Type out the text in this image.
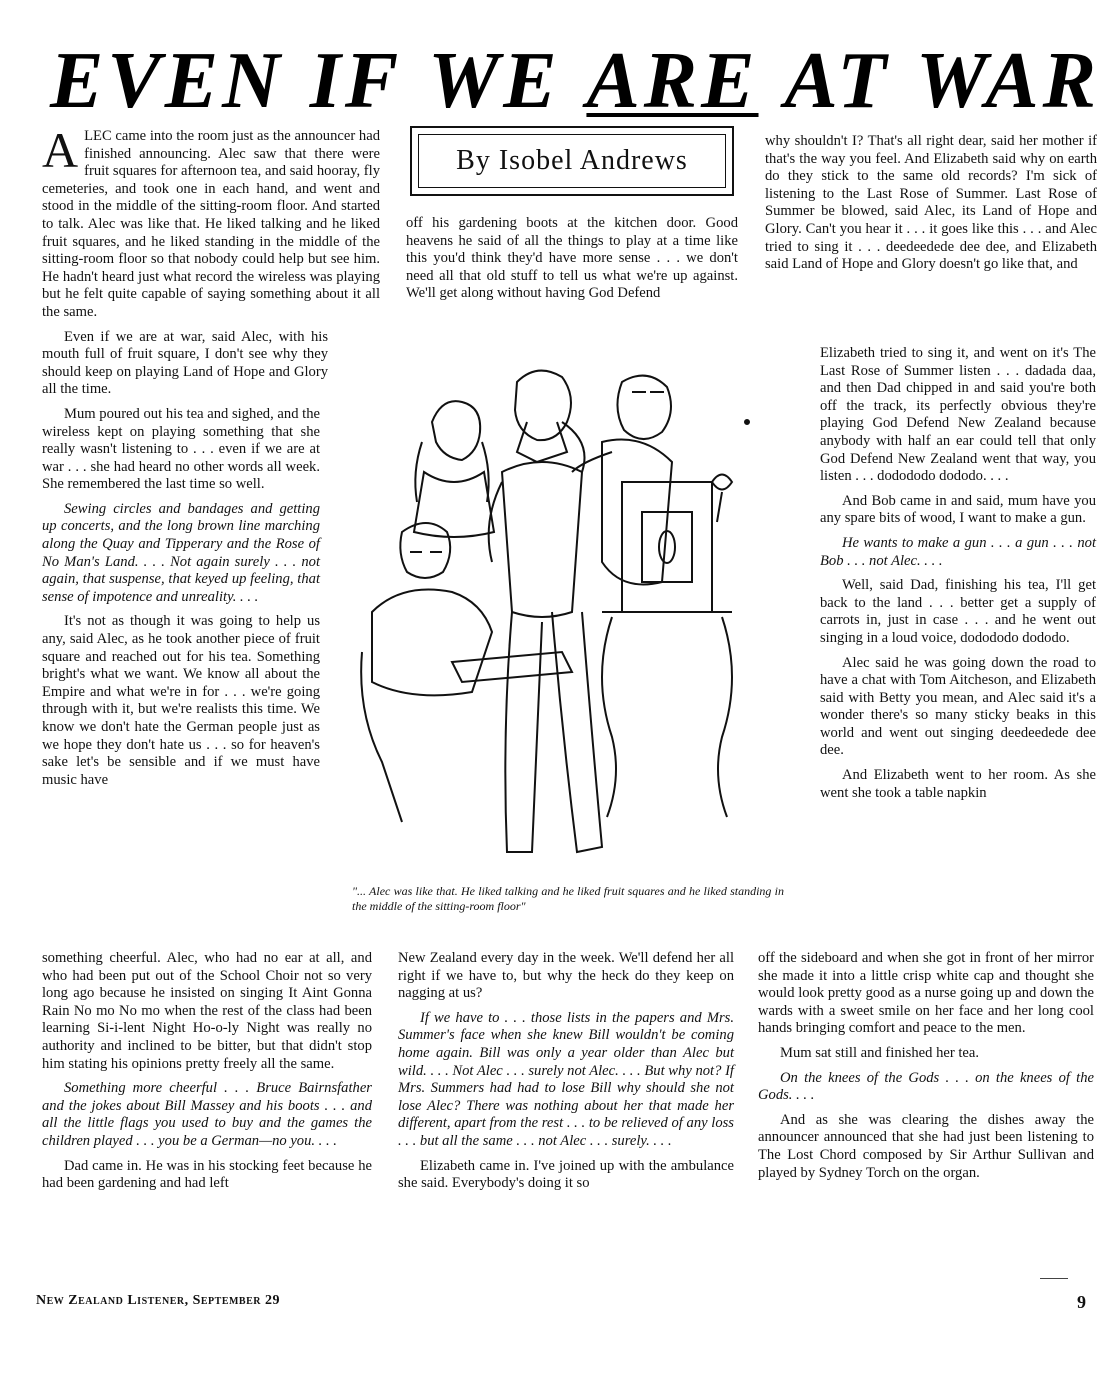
EVEN IF WE ARE AT WAR

ALEC came into the room just as the announcer had finished announcing. Alec saw that there were fruit squares for afternoon tea, and said hooray, fly cemeteries, and took one in each hand, and went and stood in the middle of the sitting-room floor. And started to talk. Alec was like that. He liked talking and he liked fruit squares, and he liked standing in the middle of the sitting-room floor so that nobody could help but see him. He hadn't heard just what record the wireless was playing but he felt quite capable of saying something about it all the same.

Even if we are at war, said Alec, with his mouth full of fruit square, I don't see why they should keep on playing Land of Hope and Glory all the time.

Mum poured out his tea and sighed, and the wireless kept on playing something that she really wasn't listening to . . . even if we are at war . . . she had heard no other words all week. She remembered the last time so well.

Sewing circles and bandages and getting up concerts, and the long brown line marching along the Quay and Tipperary and the Rose of No Man's Land. . . . Not again surely . . . not again, that suspense, that keyed up feeling, that sense of impotence and unreality. . . .

It's not as though it was going to help us any, said Alec, as he took another piece of fruit square and reached out for his tea. Something bright's what we want. We know all about the Empire and what we're in for . . . we're going through with it, but we're realists this time. We know we don't hate the German people just as we hope they don't hate us . . . so for heaven's sake let's be sensible and if we must have music have

something cheerful. Alec, who had no ear at all, and who had been put out of the School Choir not so very long ago because he insisted on singing It Aint Gonna Rain No mo No mo when the rest of the class had been learning Si-i-lent Night Ho-o-ly Night was really no authority and inclined to be bitter, but that didn't stop him stating his opinions pretty freely all the same.

Something more cheerful . . . Bruce Bairnsfather and the jokes about Bill Massey and his boots . . . and all the little flags you used to buy and the games the children played . . . you be a German—no you. . . .

Dad came in. He was in his stocking feet because he had been gardening and had left

By Isobel Andrews

off his gardening boots at the kitchen door. Good heavens he said of all the things to play at a time like this you'd think they'd have more sense . . . we don't need all that old stuff to tell us what we're up against. We'll get along without having God Defend

New Zealand every day in the week. We'll defend her all right if we have to, but why the heck do they keep on nagging at us?

If we have to . . . those lists in the papers and Mrs. Summer's face when she knew Bill wouldn't be coming home again. Bill was only a year older than Alec but wild. . . . Not Alec . . . surely not Alec. . . . But why not? If Mrs. Summers had had to lose Bill why should she not lose Alec? There was nothing about her that made her different, apart from the rest . . . to be relieved of any loss . . . but all the same . . . not Alec . . . surely. . . .

Elizabeth came in. I've joined up with the ambulance she said. Everybody's doing it so

"... Alec was like that. He liked talking and he liked fruit squares and he liked standing in the middle of the sitting-room floor"

why shouldn't I? That's all right dear, said her mother if that's the way you feel. And Elizabeth said why on earth do they stick to the same old records? I'm sick of listening to the Last Rose of Summer. Last Rose of Summer be blowed, said Alec, its Land of Hope and Glory. Can't you hear it . . . it goes like this . . . and Alec tried to sing it . . . deedeedede dee dee, and Elizabeth said Land of Hope and Glory doesn't go like that, and

Elizabeth tried to sing it, and went on it's The Last Rose of Summer listen . . . dadada daa, and then Dad chipped in and said you're both off the track, its perfectly obvious they're playing God Defend New Zealand because anybody with half an ear could tell that only God Defend New Zealand went that way, you listen . . . dodododo dododo. . . .

And Bob came in and said, mum have you any spare bits of wood, I want to make a gun.

He wants to make a gun . . . a gun . . . not Bob . . . not Alec. . . .

Well, said Dad, finishing his tea, I'll get back to the land . . . better get a supply of carrots in, just in case . . . and he went out singing in a loud voice, dodododo dododo.

Alec said he was going down the road to have a chat with Tom Aitcheson, and Elizabeth said with Betty you mean, and Alec said it's a wonder there's so many sticky beaks in this world and went out singing deedeedede dee dee.

And Elizabeth went to her room. As she went she took a table napkin

off the sideboard and when she got in front of her mirror she made it into a little crisp white cap and thought she would look pretty good as a nurse going up and down the wards with a sweet smile on her face and her long cool hands bringing comfort and peace to the men.

Mum sat still and finished her tea.

On the knees of the Gods . . . on the knees of the Gods. . . .

And as she was clearing the dishes away the announcer announced that she had just been listening to The Lost Chord composed by Sir Arthur Sullivan and played by Sydney Torch on the organ.

New Zealand Listener, September 29	9
